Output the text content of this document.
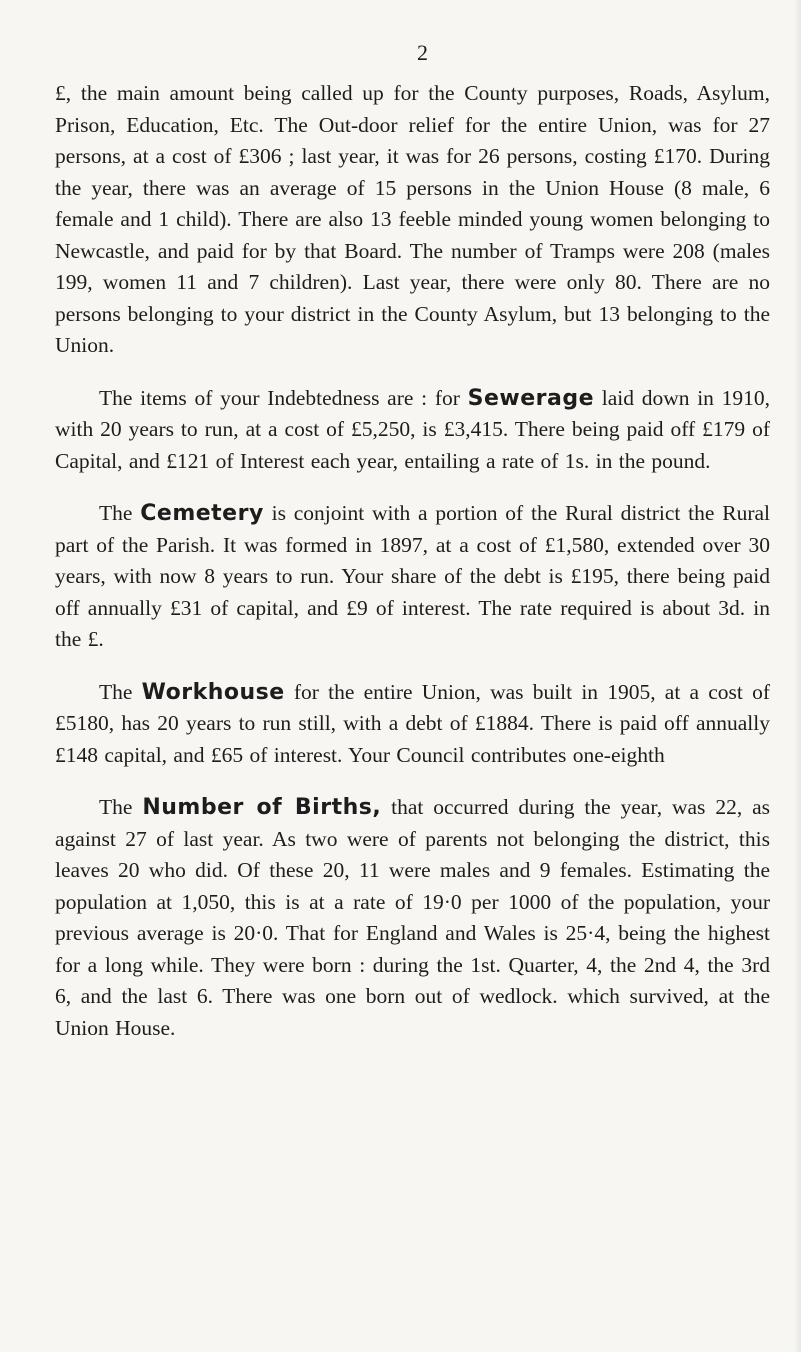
2

£, the main amount being called up for the County purposes, Roads, Asylum, Prison, Education, Etc. The Out-door relief for the entire Union, was for 27 persons, at a cost of £306 ; last year, it was for 26 persons, costing £170. During the year, there was an average of 15 persons in the Union House (8 male, 6 female and 1 child). There are also 13 feeble minded young women belonging to Newcastle, and paid for by that Board. The number of Tramps were 208 (males 199, women 11 and 7 children). Last year, there were only 80. There are no persons belonging to your district in the County Asylum, but 13 belonging to the Union.

The items of your Indebtedness are : for Sewerage laid down in 1910, with 20 years to run, at a cost of £5,250, is £3,415. There being paid off £179 of Capital, and £121 of Interest each year, entailing a rate of 1s. in the pound.

The Cemetery is conjoint with a portion of the Rural district the Rural part of the Parish. It was formed in 1897, at a cost of £1,580, extended over 30 years, with now 8 years to run. Your share of the debt is £195, there being paid off annually £31 of capital, and £9 of interest. The rate required is about 3d. in the £.

The Workhouse for the entire Union, was built in 1905, at a cost of £5180, has 20 years to run still, with a debt of £1884. There is paid off annually £148 capital, and £65 of interest. Your Council contributes one-eighth

The Number of Births, that occurred during the year, was 22, as against 27 of last year. As two were of parents not belonging the district, this leaves 20 who did. Of these 20, 11 were males and 9 females. Estimating the population at 1,050, this is at a rate of 19·0 per 1000 of the population, your previous average is 20·0. That for England and Wales is 25·4, being the highest for a long while. They were born : during the 1st. Quarter, 4, the 2nd 4, the 3rd 6, and the last 6. There was one born out of wedlock. which survived, at the Union House.
